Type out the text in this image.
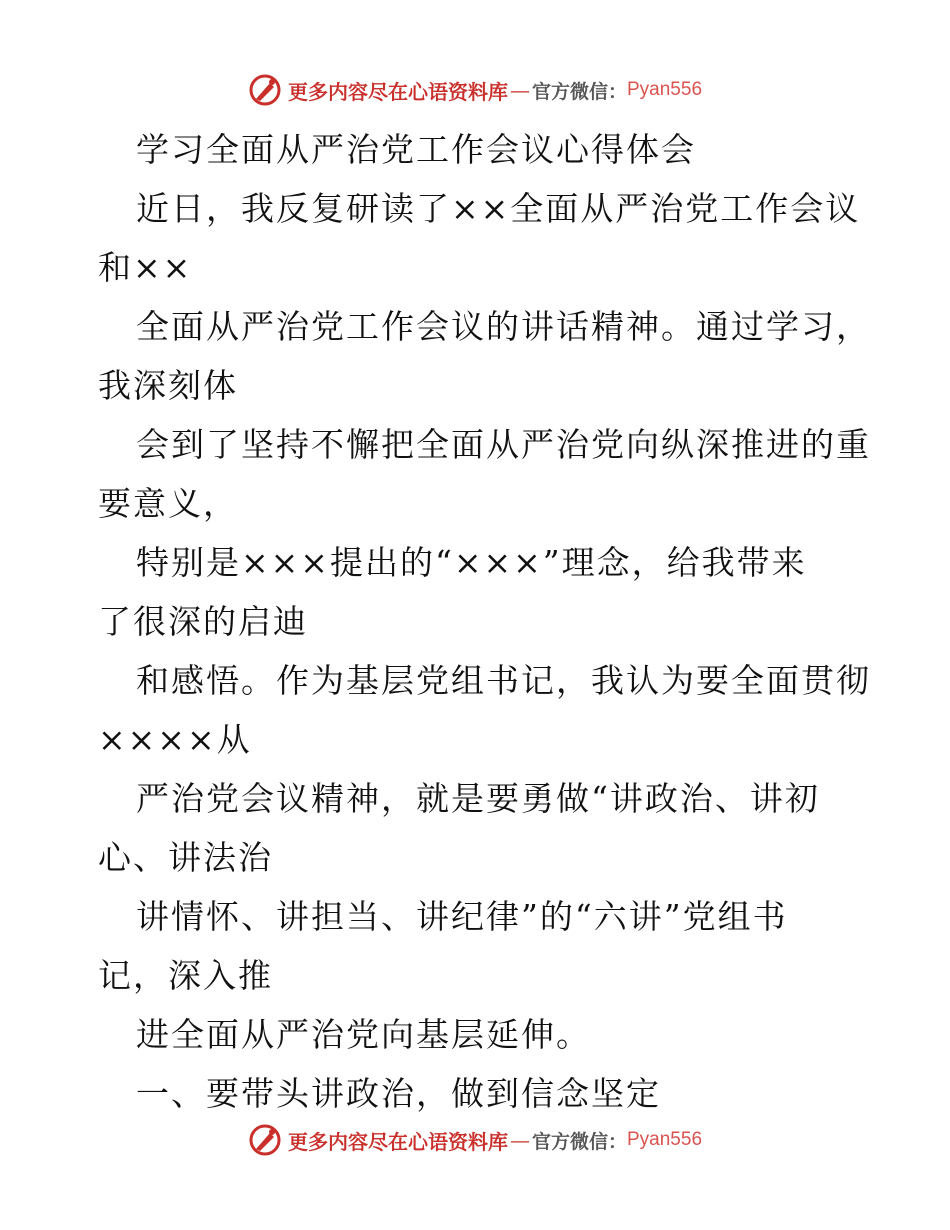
更多内容尽在心语资料库 — 官方微信： Pyan556
学习全面从严治党工作会议心得体会
近日，我反复研读了××全面从严治党工作会议
和××
全面从严治党工作会议的讲话精神。通过学习，
我深刻体
会到了坚持不懈把全面从严治党向纵深推进的重
要意义，
特别是×××提出的“×××”理念，给我带来
了很深的启迪
和感悟。作为基层党组书记，我认为要全面贯彻
××××从
严治党会议精神，就是要勇做“讲政治、讲初
心、讲法治
讲情怀、讲担当、讲纪律”的“六讲”党组书
记，深入推
进全面从严治党向基层延伸。
一、要带头讲政治，做到信念坚定
更多内容尽在心语资料库 — 官方微信： Pyan556
